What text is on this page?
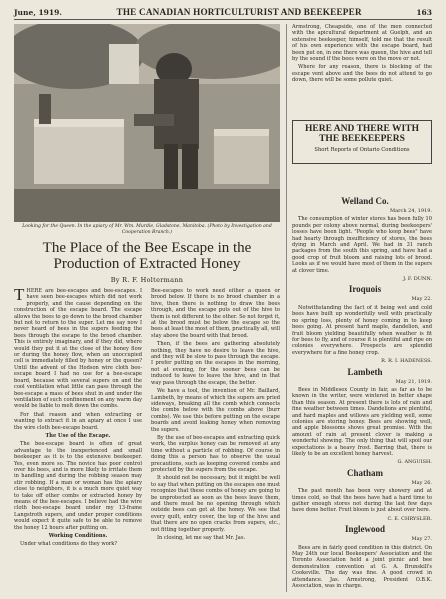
June, 1919.	THE CANADIAN HORTICULTURIST AND BEEKEEPER	163
Looking for the Queen. In the apiary of Mr. Wm. Murdie, Gladstone, Manitoba. (Photo by Investigation and Cooperation Branch.)
The Place of the Bee Escape in the Production of Extracted Honey
By R. F. Holtermann

THERE are bee-escapes and bee-escapes. I have seen bee-escapes which did not work properly, and the cause depending on the construction of the escape board. The escape allows the bees to go down to the brood chamber but not to return to the super. Let me say now I never heard of bees in the supers feeding the bees through the escape to the brood chamber. This is entirely imaginary, and if they did, where would they put it at the close of the honey flow or during the honey flow, when an unoccupied cell is immediately filled by honey or the queen? Until the advent of the Hodson wire cloth bee-escape board I had no use for a bee-escape board, because with several supers on and the cool ventilation what little can pass through the bee-escape a mass of bees shut in and under the ventilation of such confinement on any warm day would be liable to melt down the combs.

For that reason and when extracting or wanting to extract it in an apiary at once I use the wire cloth bee-escape board.

The Use of the Escape.

The bee-escape board is often of great advantage to the inexperienced and small beekeeper as it is to the extensive beekeeper. Yes, even more so. The novice has poor control over his bees, and is more likely to irritate them in handling and during the robbing season may stir robbing. If a man or woman has the apiary close to neighbors, it is a much more quiet way to take off other combs or extracted honey by means of the bee-escapes. I believe had the wire cloth bee-escape board under my 13-frame Langstroth supers, and under proper conditions would expect it quite safe to be able to remove the honey 12 hours after putting on.

Working Conditions.

Under what conditions do they work?

Bee-escapes to work need either a queen or brood below. If there is no brood chamber in a hive, then there is nothing to draw the bees through, and the escape puts out of the hive to them is not different to the other. So not forget it, at the brood must be below the escape so the bees at least the most of them, practically all, will stay above the board with that brood.

Then, if the bees are gathering absolutely nothing, they have no desire to leave the hive, and they will be slow to pass through the escape. I prefer putting on the escapes in the morning, not at evening, for the sooner bees can be induced to leave to leave the hive, and in that way pass through the escape, the better.

We have a tool, the invention of Mr. Baillard, Lambeth, by means of which the supers are pried sideways, breaking all the comb which connects the combs below with the combs above (burr combs). We use this before putting on the escape boards and avoid leaking honey when removing the supers.

By the use of bee-escapes and extracting quick work, the surplus honey can be removed at any time without a particle of robbing. Of course in doing this a person has to observe the usual precautions, such as keeping covered combs and protected by the supers from the escape.

It should not be necessary, but it might be well to say that when putting on the escapes one must recognize that these combs of honey are going to be unprotected as soon as the bees leave them, and there must be no opening through which outside bees can get at the honey. We see that every quilt, entry cover, the top of the hive and that there are no open cracks from supers, etc., not fitting together properly.

In closing, let me say that Mr. Jas.

Armstrong, Cheapside, one of the men connected with the apicultural department at Guelph, and an extensive beekeeper, himself, told me that the result of his own experience with the escape board, had been put on, in one there was queen, the hive and tell by the sound if the bees were on the move or not.

Where for any reason, there is blocking of the escape vent above and the bees do not attend to go down, there will be some pollute quiet.

HERE AND THERE WITH
THE BEEKEEPERS
Short Reports of Ontario Conditions

Welland Co.

March 24, 1919.

The consumption of winter stores has been fully 10 pounds per colony above normal, during beekeepers' losses have been light. "People who keep bees" have had hearty through insufficiency of stores, the bees dying in March and April. We had in 31 ranch packages from the south this spring, and have had a good crop of fruit bloom and raising lots of brood. Looks as if we would have most of them in the supers at clover time.

J. F. DUNN.

Iroquois

May 22.

Notwithstanding the fact of it being wet and cold bees have built up wonderfully well with practically no spring loss, plenty of honey coming in to keep bees going. At present hard maple, dandelion, and fruit bloom yielding beautifully when weather is fit for bees to fly, and of course it is plentiful and ripe on colonies everywhere. Prospects are splendid everywhere for a fine honey crop.

R. R. I. HADENESS.

Lambeth

May 21, 1919.

Bees in Middlesex County in fair, as far as to be known in the writer, were wintered in better shape than this season. At present there is lots of rain and fine weather between times. Dandelions are plentiful, and hard maples and willows are yielding well, some colonies are storing honey. Bees are showing well, and apple blossoms shows great promise. With the amount of rain at present clover is making a wonderful showing. The only thing that will spoil our expectations is a heavy frost. Barring that, there is likely to be an excellent honey harvest.

G. ANGUISH.

Chatham

May 26.

The past month has been very showery and at times cold, so that the bees have had a hard time to gather enough stores not during the last few days have done better. Fruit bloom is just about over here.

C. E. CHRYSLER.

Inglewood

May 27.

Bees are in fairly good condition in this district. On May 24th our local Beekeepers' Association and the Toronto Association held a joint picnic and bee demonstration convention at G. A. Brunskill's Cookeville. The day was fine. A good crowd in attendance. Jas. Armstrong, President O.B.K. Association, was in charge.
